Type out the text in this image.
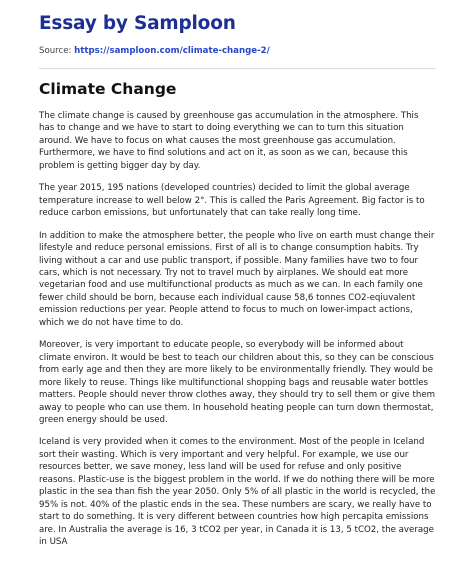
Essay by Samploon
Source: https://samploon.com/climate-change-2/
Climate Change

The climate change is caused by greenhouse gas accumulation in the atmosphere. This has to change and we have to start to doing everything we can to turn this situation around. We have to focus on what causes the most greenhouse gas accumulation. Furthermore, we have to find solutions and act on it, as soon as we can, because this problem is getting bigger day by day.

The year 2015, 195 nations (developed countries) decided to limit the global average temperature increase to well below 2°. This is called the Paris Agreement. Big factor is to reduce carbon emissions, but unfortunately that can take really long time.

In addition to make the atmosphere better, the people who live on earth must change their lifestyle and reduce personal emissions. First of all is to change consumption habits. Try living without a car and use public transport, if possible. Many families have two to four cars, which is not necessary. Try not to travel much by airplanes. We should eat more vegetarian food and use multifunctional products as much as we can. In each family one fewer child should be born, because each individual cause 58,6 tonnes CO2-eqiuvalent emission reductions per year. People attend to focus to much on lower-impact actions, which we do not have time to do.

Moreover, is very important to educate people, so everybody will be informed about climate environ. It would be best to teach our children about this, so they can be conscious from early age and then they are more likely to be environmentally friendly. They would be more likely to reuse. Things like multifunctional shopping bags and reusable water bottles matters. People should never throw clothes away, they should try to sell them or give them away to people who can use them. In household heating people can turn down thermostat, green energy should be used.

Iceland is very provided when it comes to the environment. Most of the people in Iceland sort their wasting. Which is very important and very helpful. For example, we use our resources better, we save money, less land will be used for refuse and only positive reasons. Plastic-use is the biggest problem in the world. If we do nothing there will be more plastic in the sea than fish the year 2050. Only 5% of all plastic in the world is recycled, the 95% is not. 40% of the plastic ends in the sea. These numbers are scary, we really have to start to do something. It is very different between countries how high percapita emissions are. In Australia the average is 16, 3 tCO2 per year, in Canada it is 13, 5 tCO2, the average in USA
